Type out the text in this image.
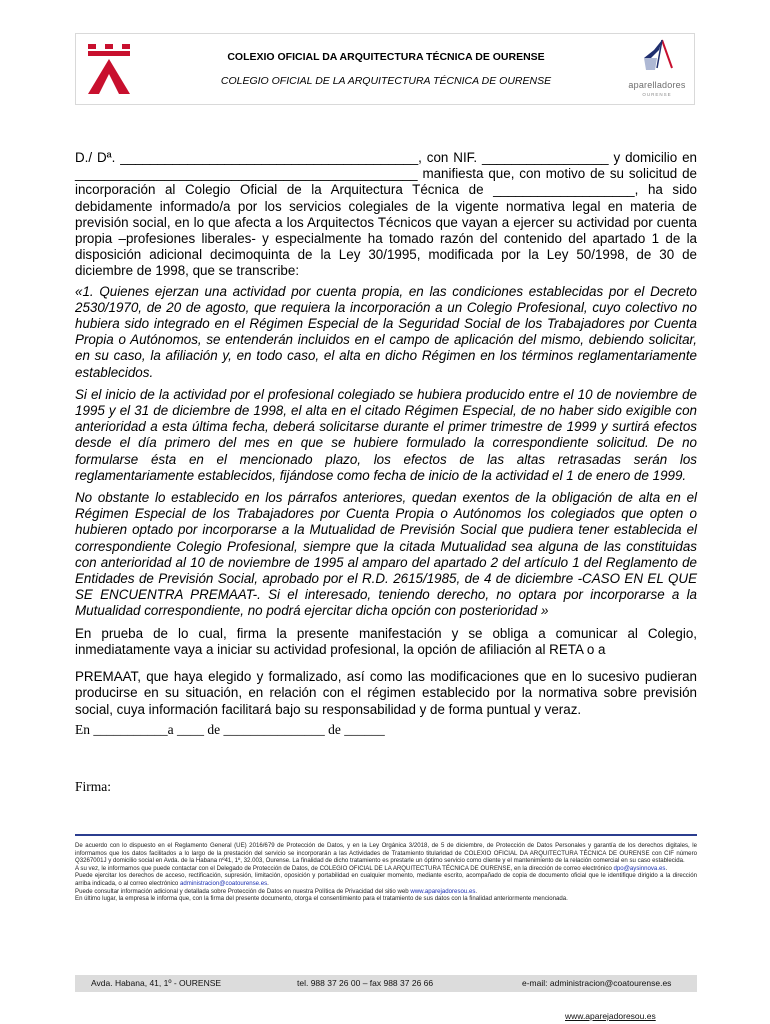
COLEXIO OFICIAL DA ARQUITECTURA TÉCNICA DE OURENSE
COLEGIO OFICIAL DE LA ARQUITECTURA TÉCNICA DE OURENSE	aparelladores
OURENSE

D./ Dª. ________________________________________, con NIF. _________________ y domicilio en ______________________________________________ manifiesta que, con motivo de su solicitud de incorporación al Colegio Oficial de la Arquitectura Técnica de ___________________, ha sido debidamente informado/a por los servicios colegiales de la vigente normativa legal en materia de previsión social, en lo que afecta a los Arquitectos Técnicos que vayan a ejercer su actividad por cuenta propia –profesiones liberales- y especialmente ha tomado razón del contenido del apartado 1 de la disposición adicional decimoquinta de la Ley 30/1995, modificada por la Ley 50/1998, de 30 de diciembre de 1998, que se transcribe:

«1. Quienes ejerzan una actividad por cuenta propia, en las condiciones establecidas por el Decreto 2530/1970, de 20 de agosto, que requiera la incorporación a un Colegio Profesional, cuyo colectivo no hubiera sido integrado en el Régimen Especial de la Seguridad Social de los Trabajadores por Cuenta Propia o Autónomos, se entenderán incluidos en el campo de aplicación del mismo, debiendo solicitar, en su caso, la afiliación y, en todo caso, el alta en dicho Régimen en los términos reglamentariamente establecidos.

Si el inicio de la actividad por el profesional colegiado se hubiera producido entre el 10 de noviembre de 1995 y el 31 de diciembre de 1998, el alta en el citado Régimen Especial, de no haber sido exigible con anterioridad a esta última fecha, deberá solicitarse durante el primer trimestre de 1999 y surtirá efectos desde el día primero del mes en que se hubiere formulado la correspondiente solicitud. De no formularse ésta en el mencionado plazo, los efectos de las altas retrasadas serán los reglamentariamente establecidos, fijándose como fecha de inicio de la actividad el 1 de enero de 1999.

No obstante lo establecido en los párrafos anteriores, quedan exentos de la obligación de alta en el Régimen Especial de los Trabajadores por Cuenta Propia o Autónomos los colegiados que opten o hubieren optado por incorporarse a la Mutualidad de Previsión Social que pudiera tener establecida el correspondiente Colegio Profesional, siempre que la citada Mutualidad sea alguna de las constituidas con anterioridad al 10 de noviembre de 1995 al amparo del apartado 2 del artículo 1 del Reglamento de Entidades de Previsión Social, aprobado por el R.D. 2615/1985, de 4 de diciembre -CASO EN EL QUE SE ENCUENTRA PREMAAT-. Si el interesado, teniendo derecho, no optara por incorporarse a la Mutualidad correspondiente, no podrá ejercitar dicha opción con posterioridad »

En prueba de lo cual, firma la presente manifestación y se obliga a comunicar al Colegio, inmediatamente vaya a iniciar su actividad profesional, la opción de afiliación al RETA o a

PREMAAT, que haya elegido y formalizado, así como las modificaciones que en lo sucesivo pudieran producirse en su situación, en relación con el régimen establecido por la normativa sobre previsión social, cuya información facilitará bajo su responsabilidad y de forma puntual y veraz.

En ___________a ____ de _______________ de ______

Firma:

De acuerdo con lo dispuesto en el Reglamento General (UE) 2016/679 de Protección de Datos, y en la Ley Orgánica 3/2018, de 5 de diciembre, de Protección de Datos Personales y garantía de los derechos digitales, le informamos que los datos facilitados a lo largo de la prestación del servicio se incorporarán a las Actividades de Tratamiento titularidad de COLEXIO OFICIAL DA ARQUITECTURA TÉCNICA DE OURENSE con CIF número Q3267001J y domicilio social en Avda. de la Habana nº41, 1º, 32.003, Ourense. La finalidad de dicho tratamiento es prestarle un óptimo servicio como cliente y el mantenimiento de la relación comercial en su caso establecida.

A su vez, le informamos que puede contactar con el Delegado de Protección de Datos, de COLEGIO OFICIAL DE LA ARQUITECTURA TÉCNICA DE OURENSE, en la dirección de correo electrónico dpo@aysinnova.es.

Puede ejercitar los derechos de acceso, rectificación, supresión, limitación, oposición y portabilidad en cualquier momento, mediante escrito, acompañado de copia de documento oficial que le identifique dirigido a la dirección arriba indicada, o al correo electrónico administracion@coatourense.es.

Puede consultar información adicional y detallada sobre Protección de Datos en nuestra Política de Privacidad del sitio web www.aparejadoresou.es.

En último lugar, la empresa le informa que, con la firma del presente documento, otorga el consentimiento para el tratamiento de sus datos con la finalidad anteriormente mencionada.

Avda. Habana, 41, 1º - OURENSE	tel. 988 37 26 00 – fax 988 37 26 66	e-mail: administracion@coatourense.es
www.aparejadoresou.es
